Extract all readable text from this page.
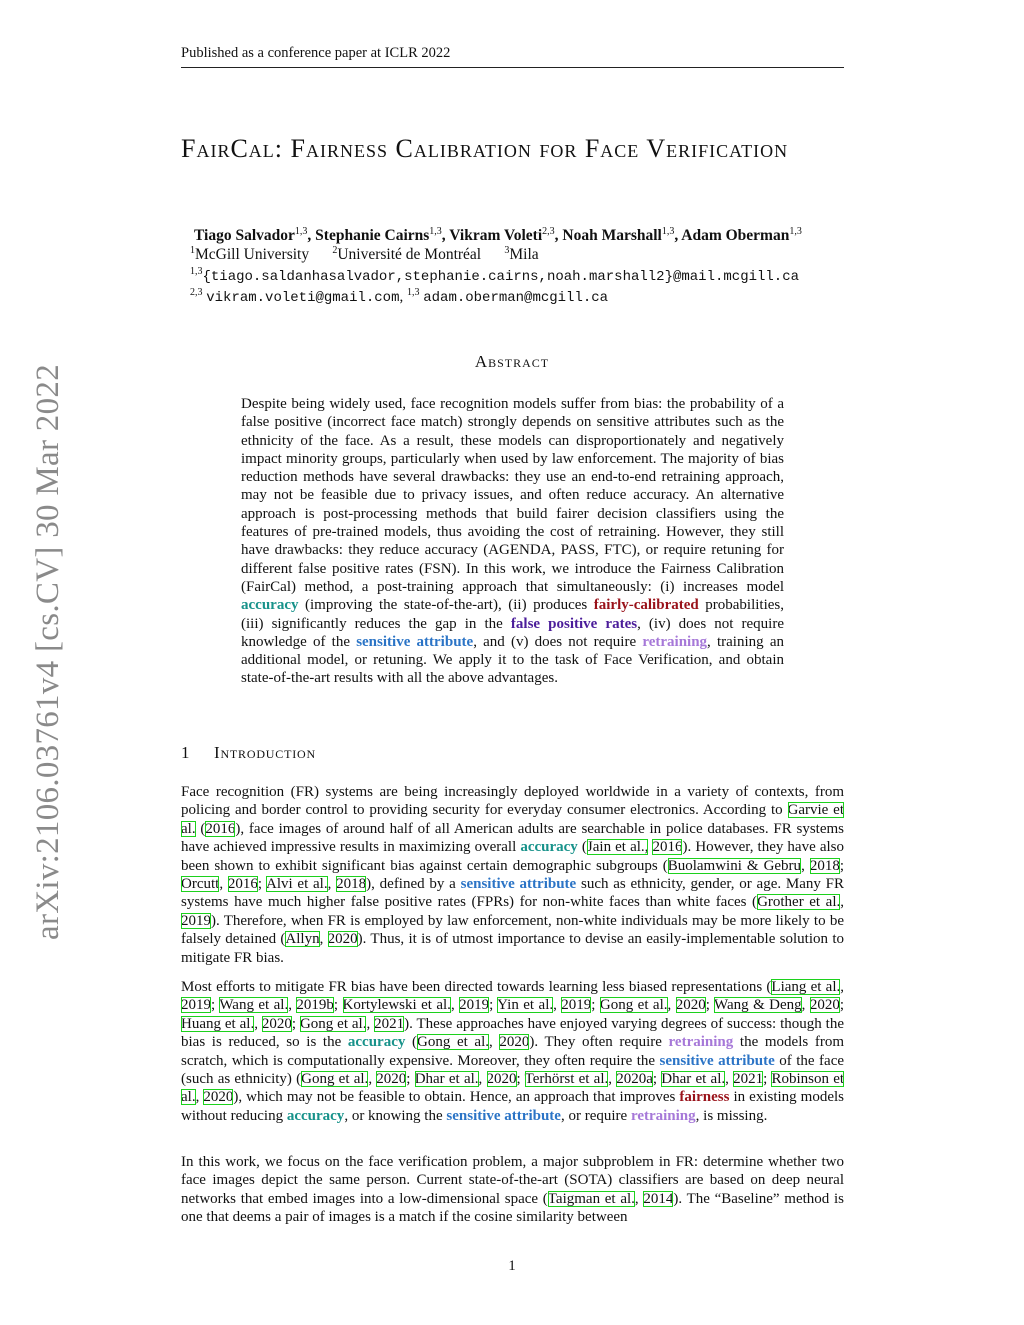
Published as a conference paper at ICLR 2022
arXiv:2106.03761v4 [cs.CV] 30 Mar 2022
FairCal: Fairness Calibration for Face Verification
Tiago Salvador$^{1,3}$, Stephanie Cairns$^{1,3}$, Vikram Voleti$^{2,3}$, Noah Marshall$^{1,3}$, Adam Oberman$^{1,3}$
$^1$McGill University $^2$Université de Montréal $^3$Mila
$^{1,3}${tiago.saldanhasalvador,stephanie.cairns,noah.marshall2}@mail.mcgill.ca
$^{2,3}$ vikram.voleti@gmail.com, $^{1,3}$ adam.oberman@mcgill.ca
Abstract
Despite being widely used, face recognition models suffer from bias: the probability of a false positive (incorrect face match) strongly depends on sensitive attributes such as the ethnicity of the face. As a result, these models can disproportionately and negatively impact minority groups, particularly when used by law enforcement. The majority of bias reduction methods have several drawbacks: they use an end-to-end retraining approach, may not be feasible due to privacy issues, and often reduce accuracy. An alternative approach is post-processing methods that build fairer decision classifiers using the features of pre-trained models, thus avoiding the cost of retraining. However, they still have drawbacks: they reduce accuracy (AGENDA, PASS, FTC), or require retuning for different false positive rates (FSN). In this work, we introduce the Fairness Calibration (FairCal) method, a post-training approach that simultaneously: (i) increases model accuracy (improving the state-of-the-art), (ii) produces fairly-calibrated probabilities, (iii) significantly reduces the gap in the false positive rates, (iv) does not require knowledge of the sensitive attribute, and (v) does not require retraining, training an additional model, or retuning. We apply it to the task of Face Verification, and obtain state-of-the-art results with all the above advantages.
1 Introduction
Face recognition (FR) systems are being increasingly deployed worldwide in a variety of contexts, from policing and border control to providing security for everyday consumer electronics. According to Garvie et al. (2016), face images of around half of all American adults are searchable in police databases. FR systems have achieved impressive results in maximizing overall accuracy (Jain et al., 2016). However, they have also been shown to exhibit significant bias against certain demographic subgroups (Buolamwini & Gebru, 2018; Orcutt, 2016; Alvi et al., 2018), defined by a sensitive attribute such as ethnicity, gender, or age. Many FR systems have much higher false positive rates (FPRs) for non-white faces than white faces (Grother et al., 2019). Therefore, when FR is employed by law enforcement, non-white individuals may be more likely to be falsely detained (Allyn, 2020). Thus, it is of utmost importance to devise an easily-implementable solution to mitigate FR bias.
Most efforts to mitigate FR bias have been directed towards learning less biased representations (Liang et al., 2019; Wang et al., 2019b; Kortylewski et al., 2019; Yin et al., 2019; Gong et al., 2020; Wang & Deng, 2020; Huang et al., 2020; Gong et al., 2021). These approaches have enjoyed varying degrees of success: though the bias is reduced, so is the accuracy (Gong et al., 2020). They often require retraining the models from scratch, which is computationally expensive. Moreover, they often require the sensitive attribute of the face (such as ethnicity) (Gong et al., 2020; Dhar et al., 2020; Terhörst et al., 2020a; Dhar et al., 2021; Robinson et al., 2020), which may not be feasible to obtain. Hence, an approach that improves fairness in existing models without reducing accuracy, or knowing the sensitive attribute, or require retraining, is missing.
In this work, we focus on the face verification problem, a major subproblem in FR: determine whether two face images depict the same person. Current state-of-the-art (SOTA) classifiers are based on deep neural networks that embed images into a low-dimensional space (Taigman et al., 2014). The “Baseline” method is one that deems a pair of images is a match if the cosine similarity between
1
